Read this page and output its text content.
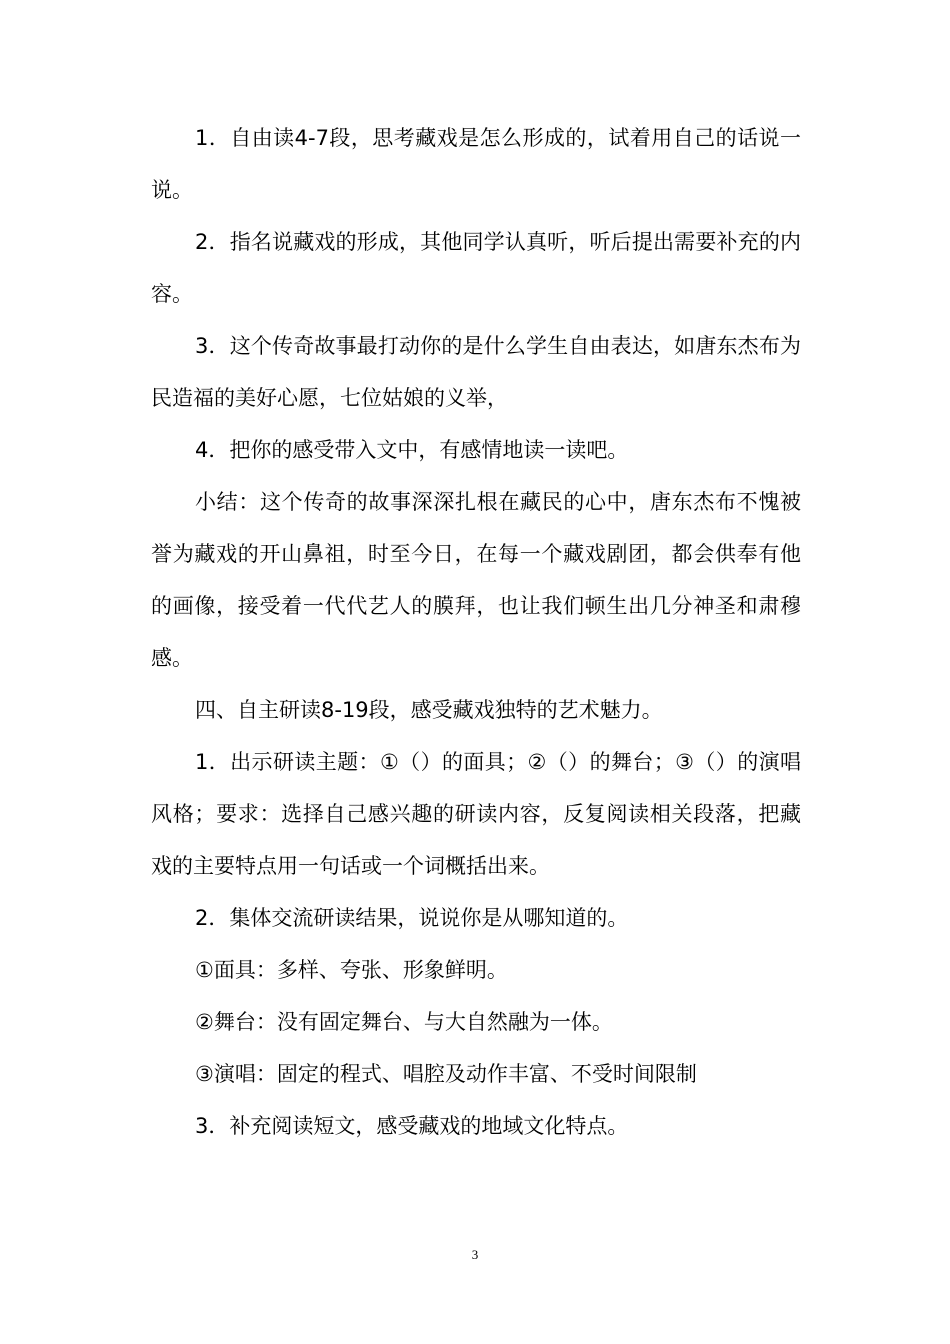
1．自由读4-7段，思考藏戏是怎么形成的，试着用自己的话说一说。

2．指名说藏戏的形成，其他同学认真听，听后提出需要补充的内容。

3．这个传奇故事最打动你的是什么学生自由表达，如唐东杰布为民造福的美好心愿，七位姑娘的义举，

4．把你的感受带入文中，有感情地读一读吧。

小结：这个传奇的故事深深扎根在藏民的心中，唐东杰布不愧被誉为藏戏的开山鼻祖，时至今日，在每一个藏戏剧团，都会供奉有他的画像，接受着一代代艺人的膜拜，也让我们顿生出几分神圣和肃穆感。

四、自主研读8-19段，感受藏戏独特的艺术魅力。

1．出示研读主题：①（）的面具；②（）的舞台；③（）的演唱风格；要求：选择自己感兴趣的研读内容，反复阅读相关段落，把藏戏的主要特点用一句话或一个词概括出来。

2．集体交流研读结果，说说你是从哪知道的。

①面具：多样、夸张、形象鲜明。

②舞台：没有固定舞台、与大自然融为一体。

③演唱：固定的程式、唱腔及动作丰富、不受时间限制

3．补充阅读短文，感受藏戏的地域文化特点。

3
